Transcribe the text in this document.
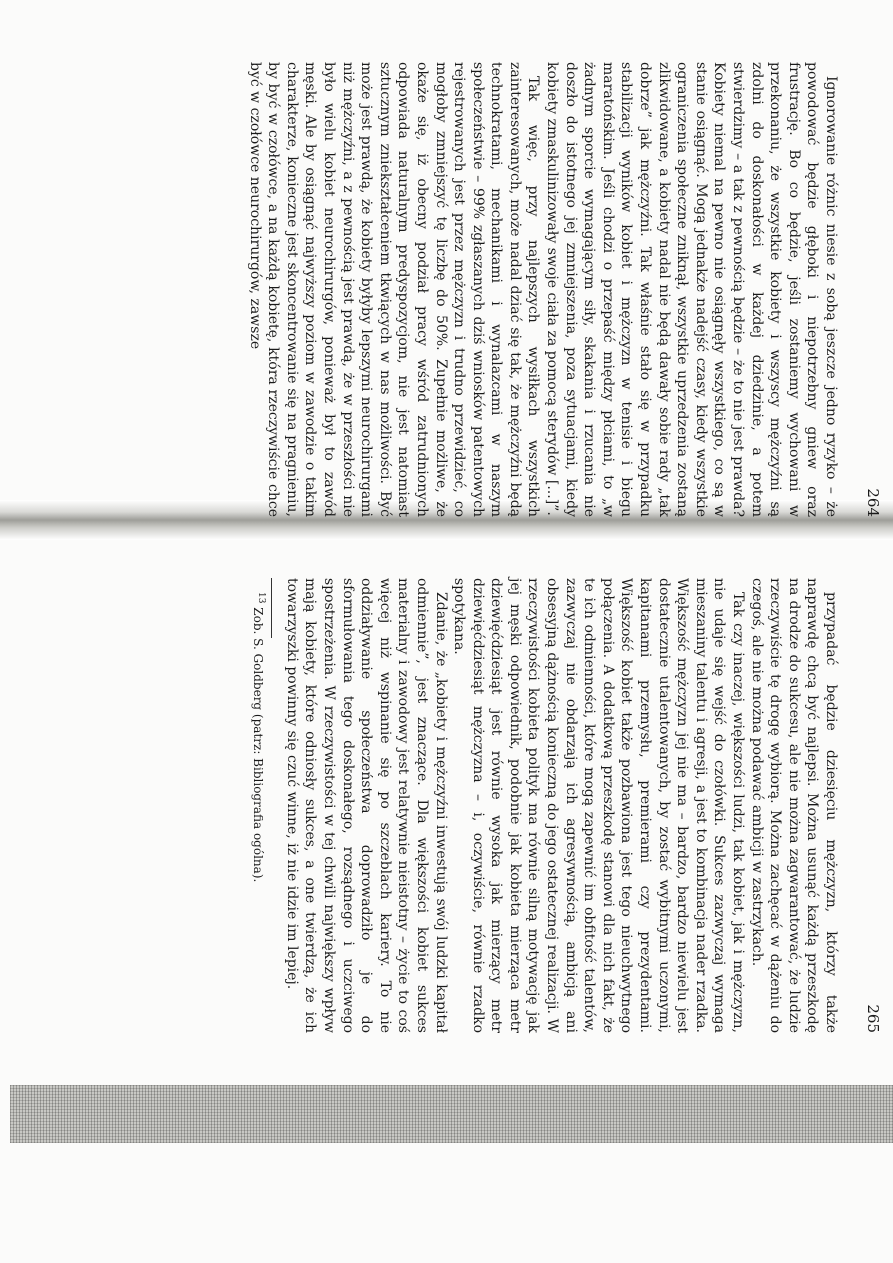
264

Ignorowanie różnic niesie z sobą jeszcze jedno ryzyko – że powodować będzie głęboki i niepotrzebny gniew oraz frustrację. Bo co będzie, jeśli zostaniemy wychowani w przekonaniu, że wszystkie kobiety i wszyscy mężczyźni są zdolni do doskonałości w każdej dziedzinie, a potem stwierdzimy – a tak z pewnością będzie – że to nie jest prawda? Kobiety niemal na pewno nie osiągnęły wszystkiego, co są w stanie osiągnąć. Mogą jednakże nadejść czasy, kiedy wszystkie ograniczenia społeczne zniknął, wszystkie uprzedzenia zostaną zlikwidowane, a kobiety nadal nie będą dawały sobie rady „tak dobrze” jak mężczyźni. Tak właśnie stało się w przypadku stabilizacji wyników kobiet i mężczyzn w tenisie i biegu maratońskim. Jeśli chodzi o przepaść między płciami, to „w żadnym sporcie wymagającym siły, skakania i rzucania nie doszło do istotnego jej zmniejszenia, poza sytuacjami, kiedy kobiety zmaskulinizowały swoje ciała za pomocą sterydów [...]”.

Tak więc, przy najlepszych wysiłkach wszystkich zainteresowanych, może nadal dziać się tak, że mężczyźni będą technokratami, mechanikami i wynalazcami w naszym społeczeństwie – 99% zgłaszanych dziś wniosków patentowych rejestrowanych jest przez mężczyzn i trudno przewidzieć, co mogłoby zmniejszyć tę liczbę do 50%. Zupełnie możliwe, że okaże się, iż obecny podział pracy wśród zatrudnionych odpowiada naturalnym predyspozycjom, nie jest natomiast sztucznym zniekształceniem tkwiących w nas możliwości. Być może jest prawdą, że kobiety byłyby lepszymi neurochirurgami niż mężczyźni, a z pewnością jest prawdą, że w przeszłości nie było wielu kobiet neurochirurgów, ponieważ był to zawód męski. Ale by osiągnąć najwyższy poziom w zawodzie o takim charakterze, konieczne jest skoncentrowanie się na pragnieniu, by być w czołówce, a na każdą kobietę, która rzeczywiście chce być w czołówce neurochirurgów, zawsze

265

przypadać będzie dziesięciu mężczyzn, którzy także naprawdę chcą być najlepsi. Można usunąć każdą przeszkodę na drodze do sukcesu, ale nie można zagwarantować, że ludzie rzeczywiście tę drogę wybiorą. Można zachęcać w dążeniu do czegoś, ale nie można podawać ambicji w zastrzykach.

Tak czy inaczej, większości ludzi, tak kobiet, jak i mężczyzn, nie udaje się wejść do czołówki. Sukces zazwyczaj wymaga mieszaniny talentu i agresji, a jest to kombinacja nader rzadka. Większość mężczyzn jej nie ma – bardzo, bardzo niewielu jest dostatecznie utalentowanych, by zostać wybitnymi uczonymi, kapitanami przemysłu, premierami czy prezydentami. Większość kobiet także pozbawiona jest tego nieuchwytnego połączenia. A dodatkową przeszkodę stanowi dla nich fakt, że te ich odmienności, które mogą zapewnić im obfitość talentów, zazwyczaj nie obdarzają ich agresywnością, ambicją ani obsesyjną dążnością konieczną do jego ostatecznej realizacji. W rzeczywistości kobieta polityk ma równie silną motywację jak jej męski odpowiednik, podobnie jak kobieta mierząca metr dziewięćdziesiąt jest równie wysoka jak mierzący metr dziewięćdziesiąt mężczyzna – i, oczywiście, równie rzadko spotykana.

Zdanie, że „kobiety i mężczyźni inwestują swój ludzki kapitał odmiennie”, jest znaczące. Dla większości kobiet sukces materialny i zawodowy jest relatywnie nieistotny – życie to coś więcej niż wspinanie się po szczeblach kariery. To nie oddziaływanie społeczeństwa doprowadziło je do sformułowania tego doskonałego, rozsądnego i uczciwego spostrzeżenia. W rzeczywistości w tej chwili największy wpływ mają kobiety, które odniosły sukces, a one twierdzą, że ich towarzyszki powinny się czuć winne, iż nie idzie im lepiej.

$^{13}$ Zob. S. Goldberg (patrz: Bibliografia ogólna).
